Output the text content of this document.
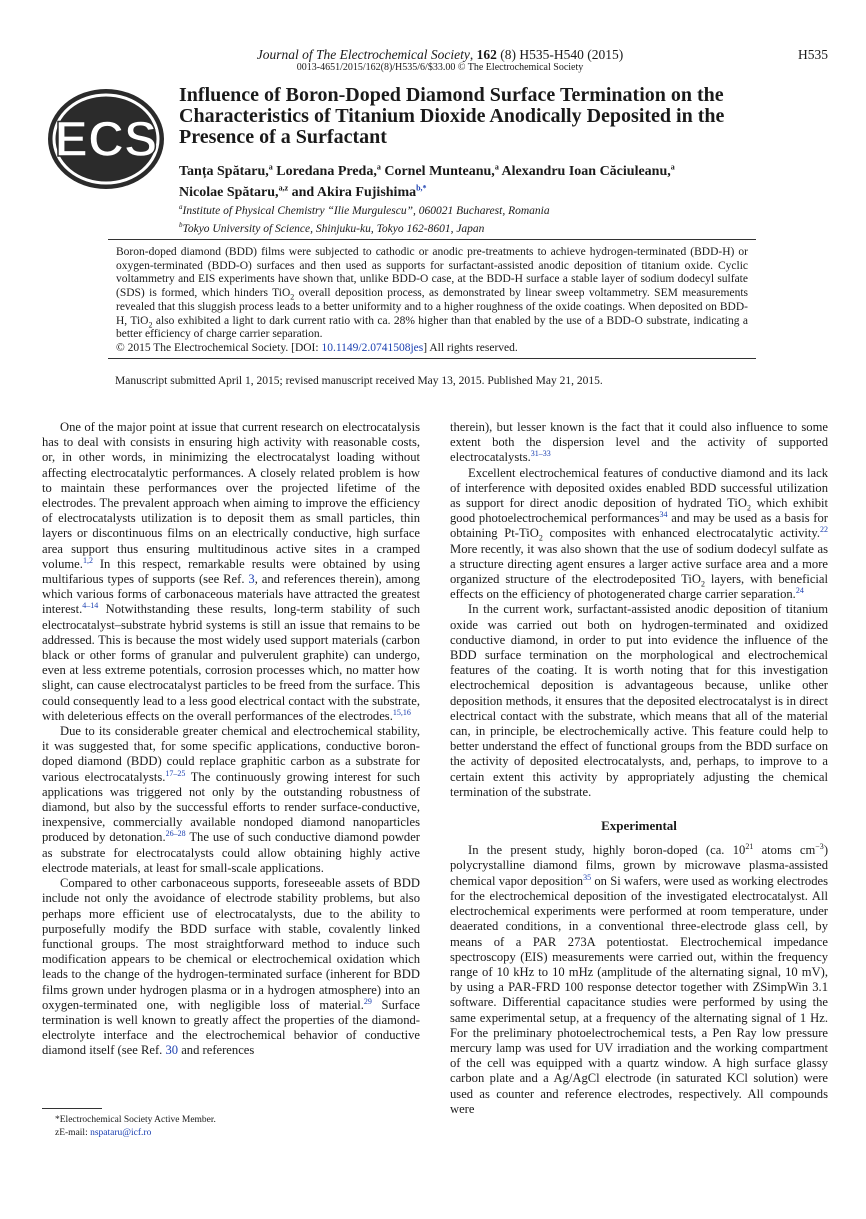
Journal of The Electrochemical Society, 162 (8) H535-H540 (2015)
0013-4651/2015/162(8)/H535/6/$33.00 © The Electrochemical Society
H535
ECS
Influence of Boron-Doped Diamond Surface Termination on the Characteristics of Titanium Dioxide Anodically Deposited in the Presence of a Surfactant
Tanța Spătaru,$^a$ Loredana Preda,$^a$ Cornel Munteanu,$^a$ Alexandru Ioan Căciuleanu,$^a$
Nicolae Spătaru,$^{a,z}$ and Akira Fujishima$^{b,*}$
$^a$Institute of Physical Chemistry “Ilie Murgulescu”, 060021 Bucharest, Romania
$^b$Tokyo University of Science, Shinjuku-ku, Tokyo 162-8601, Japan
Boron-doped diamond (BDD) films were subjected to cathodic or anodic pre-treatments to achieve hydrogen-terminated (BDD-H) or oxygen-terminated (BDD-O) surfaces and then used as supports for surfactant-assisted anodic deposition of titanium oxide. Cyclic voltammetry and EIS experiments have shown that, unlike BDD-O case, at the BDD-H surface a stable layer of sodium dodecyl sulfate (SDS) is formed, which hinders TiO$_2$ overall deposition process, as demonstrated by linear sweep voltammetry. SEM measurements revealed that this sluggish process leads to a better uniformity and to a higher roughness of the oxide coatings. When deposited on BDD-H, TiO$_2$ also exhibited a light to dark current ratio with ca. 28% higher than that enabled by the use of a BDD-O substrate, indicating a better efficiency of charge carrier separation.
© 2015 The Electrochemical Society. [DOI: 10.1149/2.0741508jes] All rights reserved.
Manuscript submitted April 1, 2015; revised manuscript received May 13, 2015. Published May 21, 2015.

One of the major point at issue that current research on electrocatalysis has to deal with consists in ensuring high activity with reasonable costs, or, in other words, in minimizing the electrocatalyst loading without affecting electrocatalytic performances. A closely related problem is how to maintain these performances over the projected lifetime of the electrodes. The prevalent approach when aiming to improve the efficiency of electrocatalysts utilization is to deposit them as small particles, thin layers or discontinuous films on an electrically conductive, high surface area support thus ensuring multitudinous active sites in a cramped volume.$^{1,2}$ In this respect, remarkable results were obtained by using multifarious types of supports (see Ref. 3, and references therein), among which various forms of carbonaceous materials have attracted the greatest interest.$^{4-14}$ Notwithstanding these results, long-term stability of such electrocatalyst–substrate hybrid systems is still an issue that remains to be addressed. This is because the most widely used support materials (carbon black or other forms of granular and pulverulent graphite) can undergo, even at less extreme potentials, corrosion processes which, no matter how slight, can cause electrocatalyst particles to be freed from the surface. This could consequently lead to a less good electrical contact with the substrate, with deleterious effects on the overall performances of the electrodes.$^{15,16}$

Due to its considerable greater chemical and electrochemical stability, it was suggested that, for some specific applications, conductive boron-doped diamond (BDD) could replace graphitic carbon as a substrate for various electrocatalysts.$^{17-25}$ The continuously growing interest for such applications was triggered not only by the outstanding robustness of diamond, but also by the successful efforts to render surface-conductive, inexpensive, commercially available nondoped diamond nanoparticles produced by detonation.$^{26-28}$ The use of such conductive diamond powder as substrate for electrocatalysts could allow obtaining highly active electrode materials, at least for small-scale applications.

Compared to other carbonaceous supports, foreseeable assets of BDD include not only the avoidance of electrode stability problems, but also perhaps more efficient use of electrocatalysts, due to the ability to purposefully modify the BDD surface with stable, covalently linked functional groups. The most straightforward method to induce such modification appears to be chemical or electrochemical oxidation which leads to the change of the hydrogen-terminated surface (inherent for BDD films grown under hydrogen plasma or in a hydrogen atmosphere) into an oxygen-terminated one, with negligible loss of material.$^{29}$ Surface termination is well known to greatly affect the properties of the diamond-electrolyte interface and the electrochemical behavior of conductive diamond itself (see Ref. 30 and references

therein), but lesser known is the fact that it could also influence to some extent both the dispersion level and the activity of supported electrocatalysts.$^{31-33}$

Excellent electrochemical features of conductive diamond and its lack of interference with deposited oxides enabled BDD successful utilization as support for direct anodic deposition of hydrated TiO$_2$ which exhibit good photoelectrochemical performances$^{34}$ and may be used as a basis for obtaining Pt-TiO$_2$ composites with enhanced electrocatalytic activity.$^{22}$ More recently, it was also shown that the use of sodium dodecyl sulfate as a structure directing agent ensures a larger active surface area and a more organized structure of the electrodeposited TiO$_2$ layers, with beneficial effects on the efficiency of photogenerated charge carrier separation.$^{24}$

In the current work, surfactant-assisted anodic deposition of titanium oxide was carried out both on hydrogen-terminated and oxidized conductive diamond, in order to put into evidence the influence of the BDD surface termination on the morphological and electrochemical features of the coating. It is worth noting that for this investigation electrochemical deposition is advantageous because, unlike other deposition methods, it ensures that the deposited electrocatalyst is in direct electrical contact with the substrate, which means that all of the material can, in principle, be electrochemically active. This feature could help to better understand the effect of functional groups from the BDD surface on the activity of deposited electrocatalysts, and, perhaps, to improve to a certain extent this activity by appropriately adjusting the chemical termination of the substrate.

Experimental

In the present study, highly boron-doped (ca. $10^{21}$ atoms $cm^{-3}$) polycrystalline diamond films, grown by microwave plasma-assisted chemical vapor deposition$^{35}$ on Si wafers, were used as working electrodes for the electrochemical deposition of the investigated electrocatalyst. All electrochemical experiments were performed at room temperature, under deaerated conditions, in a conventional three-electrode glass cell, by means of a PAR 273A potentiostat. Electrochemical impedance spectroscopy (EIS) measurements were carried out, within the frequency range of 10 kHz to 10 mHz (amplitude of the alternating signal, 10 mV), by using a PAR-FRD 100 response detector together with ZSimpWin 3.1 software. Differential capacitance studies were performed by using the same experimental setup, at a frequency of the alternating signal of 1 Hz. For the preliminary photoelectrochemical tests, a Pen Ray low pressure mercury lamp was used for UV irradiation and the working compartment of the cell was equipped with a quartz window. A high surface glassy carbon plate and a Ag/AgCl electrode (in saturated KCl solution) were used as counter and reference electrodes, respectively. All compounds were

*Electrochemical Society Active Member.
zE-mail: nspataru@icf.ro
